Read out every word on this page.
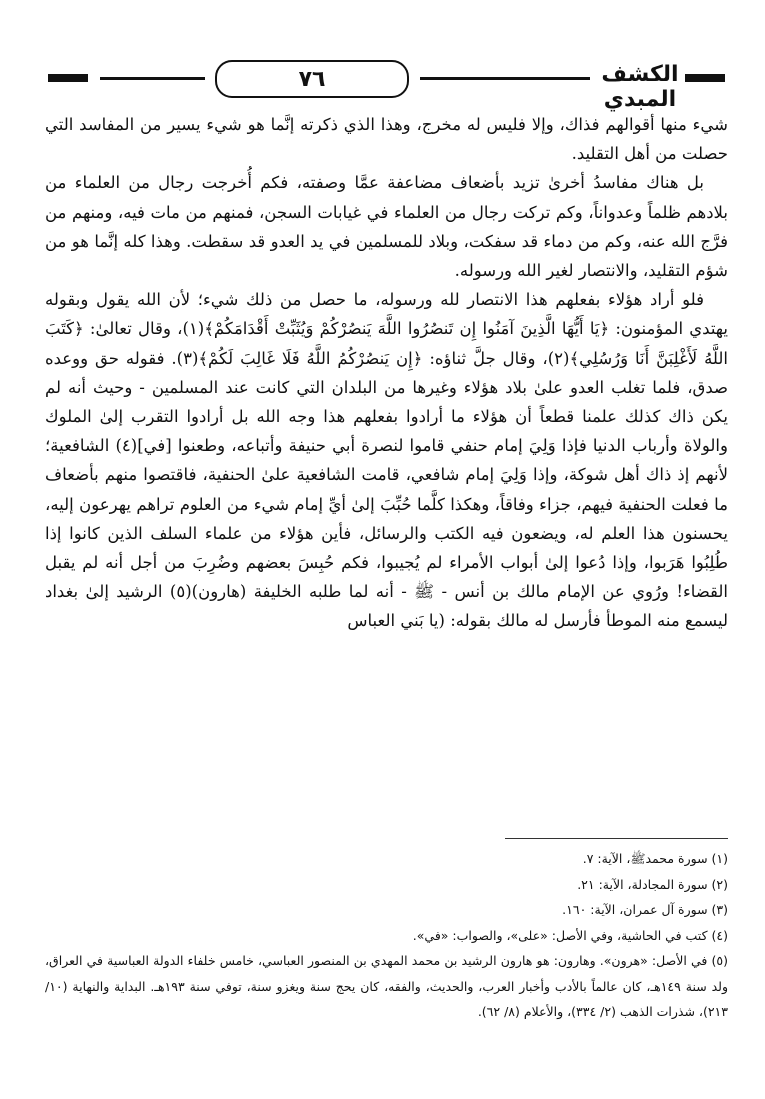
٧٦	الكشف المبدي

شيء منها أقوالهم فذاك، وإلا فليس له مخرج، وهذا الذي ذكرته إنَّما هو شيء يسير من المفاسد التي حصلت من أهل التقليد.

بل هناك مفاسدُ أخرىٰ تزيد بأضعاف مضاعفة عمَّا وصفته، فكم أُخرجت رجال من العلماء من بلادهم ظلماً وعدواناً، وكم تركت رجال من العلماء في غيابات السجن، فمنهم من مات فيه، ومنهم من فرَّج الله عنه، وكم من دماء قد سفكت، وبلاد للمسلمين في يد العدو قد سقطت. وهذا كله إنَّما هو من شؤم التقليد، والانتصار لغير الله ورسوله.

فلو أراد هؤلاء بفعلهم هذا الانتصار لله ورسوله، ما حصل من ذلك شيء؛ لأن الله يقول وبقوله يهتدي المؤمنون: ﴿يَا أَيُّهَا الَّذِينَ آمَنُوا إِن تَنصُرُوا اللَّهَ يَنصُرْكُمْ وَيُثَبِّتْ أَقْدَامَكُمْ﴾(١)، وقال تعالىٰ: ﴿كَتَبَ اللَّهُ لَأَغْلِبَنَّ أَنَا وَرُسُلِي﴾(٢)، وقال جلَّ ثناؤه: ﴿إِن يَنصُرْكُمُ اللَّهُ فَلَا غَالِبَ لَكُمْ﴾(٣). فقوله حق ووعده صدق، فلما تغلب العدو علىٰ بلاد هؤلاء وغيرها من البلدان التي كانت عند المسلمين - وحيث أنه لم يكن ذاك كذلك علمنا قطعاً أن هؤلاء ما أرادوا بفعلهم هذا وجه الله بل أرادوا التقرب إلىٰ الملوك والولاة وأرباب الدنيا فإذا وَلِيَ إمام حنفي قاموا لنصرة أبي حنيفة وأتباعه، وطعنوا [في](٤) الشافعية؛ لأنهم إذ ذاك أهل شوكة، وإذا وَلِيَ إمام شافعي، قامت الشافعية علىٰ الحنفية، فاقتصوا منهم بأضعاف ما فعلت الحنفية فيهم، جزاء وفاقاً، وهكذا كلَّما حُبِّبَ إلىٰ أيِّ إمام شيء من العلوم تراهم يهرعون إليه، يحسنون هذا العلم له، ويضعون فيه الكتب والرسائل، فأين هؤلاء من علماء السلف الذين كانوا إذا طُلِبُوا هَرَبوا، وإذا دُعوا إلىٰ أبواب الأمراء لم يُجيبوا، فكم حُبِسَ بعضهم وضُرِبَ من أجل أنه لم يقبل القضاء! ورُوي عن الإمام مالك بن أنس - ﷺ - أنه لما طلبه الخليفة (هارون)(٥) الرشيد إلىٰ بغداد ليسمع منه الموطأ فأرسل له مالك بقوله: (يا بَني العباس

(١) سورة محمدﷺ، الآية: ٧.
(٢) سورة المجادلة، الآية: ٢١.
(٣) سورة آل عمران، الآية: ١٦٠.
(٤) كتب في الحاشية، وفي الأصل: «على»، والصواب: «في».
(٥) في الأصل: «هرون». وهارون: هو هارون الرشيد بن محمد المهدي بن المنصور العباسي، خامس خلفاء الدولة العباسية في العراق، ولد سنة ١٤٩هـ، كان عالماً بالأدب وأخبار العرب، والحديث، والفقه، كان يحج سنة ويغزو سنة، توفي سنة ١٩٣هـ. البداية والنهاية (١٠/ ٢١٣)، شذرات الذهب (٢/ ٣٣٤)، والأعلام (٨/ ٦٢).
